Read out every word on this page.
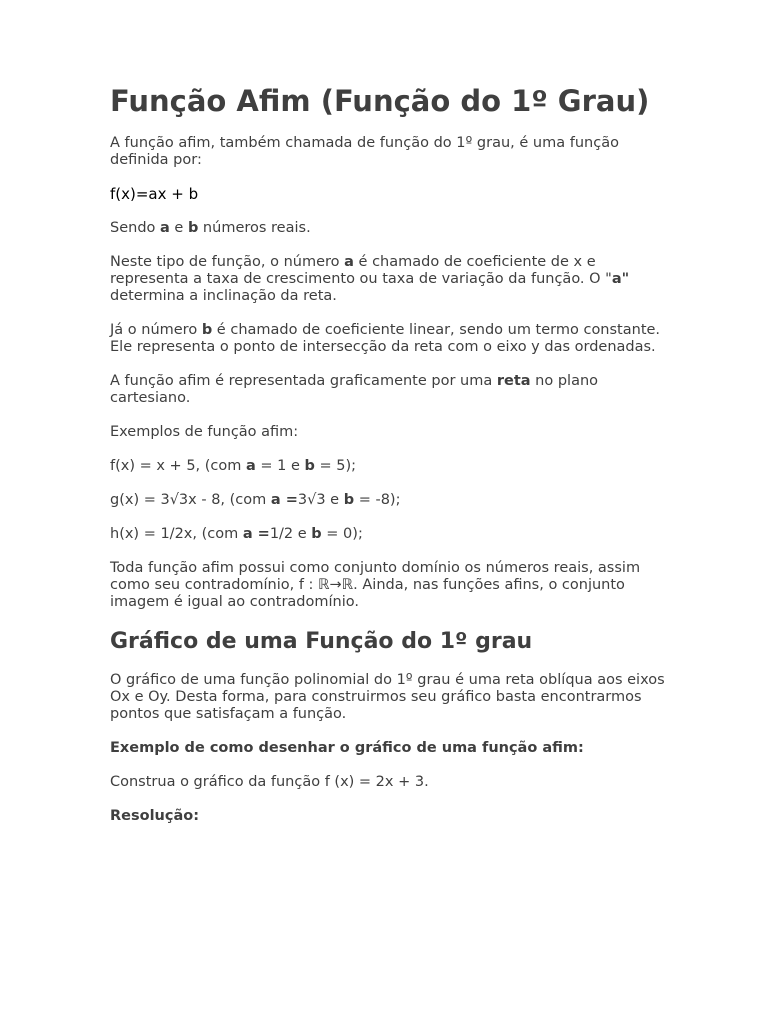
Função Afim (Função do 1º Grau)

A função afim, também chamada de função do 1º grau, é uma função definida por:

f(x)=ax + b

Sendo a e b números reais.

Neste tipo de função, o número a é chamado de coeficiente de x e representa a taxa de crescimento ou taxa de variação da função. O "a" determina a inclinação da reta.

Já o número b é chamado de coeficiente linear, sendo um termo constante. Ele representa o ponto de intersecção da reta com o eixo y das ordenadas.

A função afim é representada graficamente por uma reta no plano cartesiano.

Exemplos de função afim:

f(x) = x + 5, (com a = 1 e b = 5);

g(x) = 3√3x - 8, (com a =3√3 e b = -8);

h(x) = 1/2x, (com a =1/2 e b = 0);

Toda função afim possui como conjunto domínio os números reais, assim como seu contradomínio, f : ℝ→ℝ. Ainda, nas funções afins, o conjunto imagem é igual ao contradomínio.

Gráfico de uma Função do 1º grau

O gráfico de uma função polinomial do 1º grau é uma reta oblíqua aos eixos Ox e Oy. Desta forma, para construirmos seu gráfico basta encontrarmos pontos que satisfaçam a função.

Exemplo de como desenhar o gráfico de uma função afim:

Construa o gráfico da função f (x) = 2x + 3.

Resolução:
